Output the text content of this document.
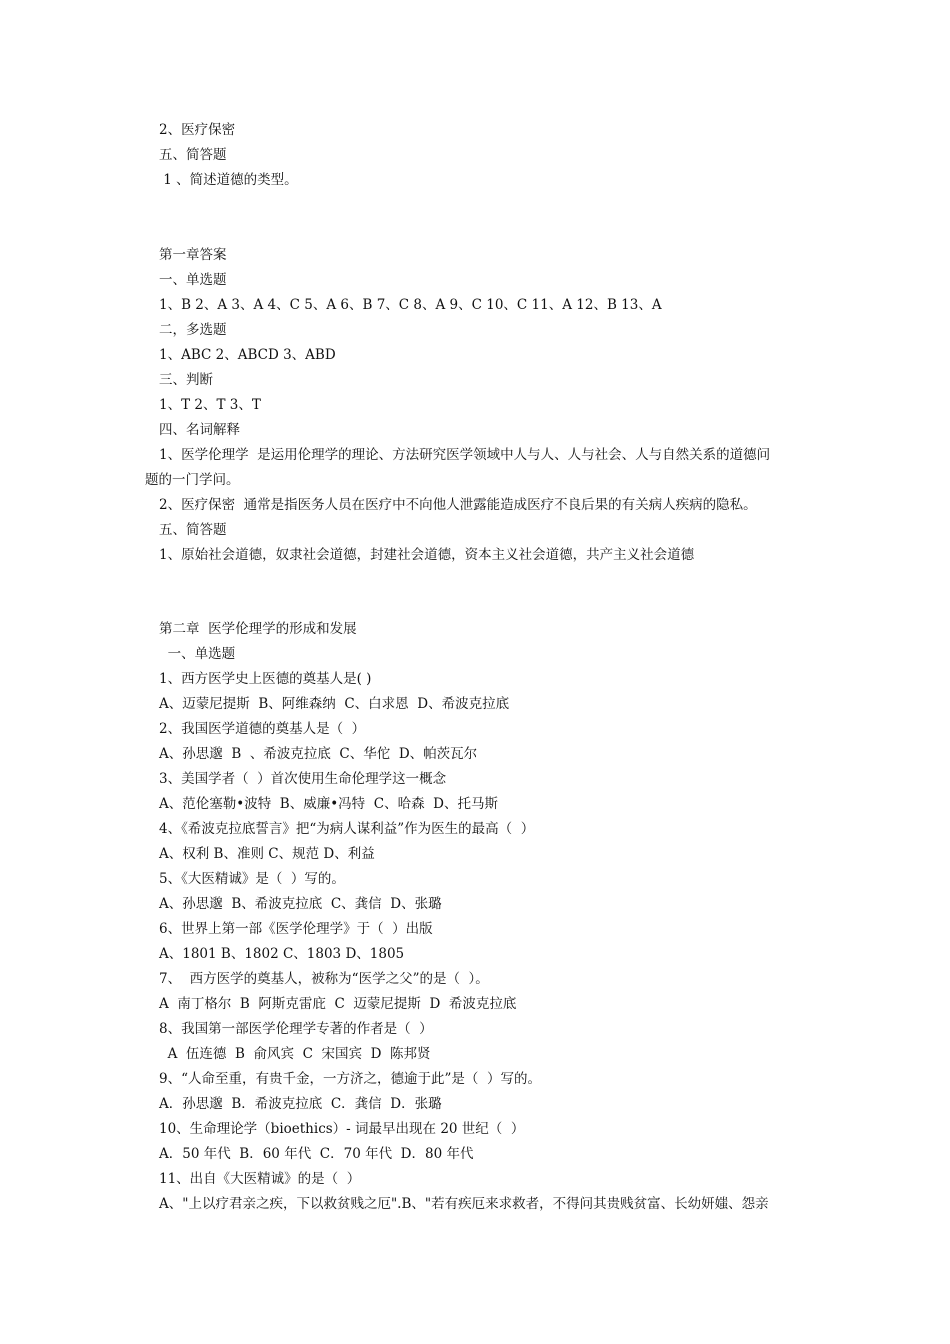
2、医疗保密
五、简答题
1 、简述道德的类型。
第一章答案
一、单选题
1、B 2、A 3、A 4、C 5、A 6、B 7、C 8、A 9、C 10、C 11、A 12、B 13、A
二，多选题
1、ABC 2、ABCD 3、ABD
三、判断
1、T 2、T 3、T
四、名词解释
1、医学伦理学  是运用伦理学的理论、方法研究医学领域中人与人、人与社会、人与自然关系的道德问
题的一门学问。
2、医疗保密  通常是指医务人员在医疗中不向他人泄露能造成医疗不良后果的有关病人疾病的隐私。
五、简答题
1、原始社会道德，奴隶社会道德，封建社会道德，资本主义社会道德，共产主义社会道德
第二章  医学伦理学的形成和发展
一、单选题
1、西方医学史上医德的奠基人是( )
A、迈蒙尼提斯  B、阿维森纳  C、白求恩  D、希波克拉底
2、我国医学道德的奠基人是（  ）
A、孙思邈  B  、希波克拉底  C、华佗  D、帕茨瓦尔
3、美国学者（  ）首次使用生命伦理学这一概念
A、范伦塞勒•波特  B、威廉•冯特  C、哈森  D、托马斯
4、《希波克拉底誓言》把“为病人谋利益”作为医生的最高（  ）
A、权利 B、准则 C、规范 D、利益
5、《大医精诚》是（  ）写的。
A、孙思邈  B、希波克拉底  C、龚信  D、张璐
6、世界上第一部《医学伦理学》于（  ）出版
A、1801 B、1802 C、1803 D、1805
7、  西方医学的奠基人，被称为“医学之父”的是（  ）。
A  南丁格尔  B  阿斯克雷庇  C  迈蒙尼提斯  D  希波克拉底
8、我国第一部医学伦理学专著的作者是（  ）
A  伍连德  B  俞风宾  C  宋国宾  D  陈邦贤
9、“人命至重，有贵千金，一方济之，德逾于此”是（  ）写的。
A．孙思邈  B．希波克拉底  C．龚信  D．张璐
10、生命理论学（bioethics）- 词最早出现在 20 世纪（  ）
A．50 年代  B．60 年代  C．70 年代  D．80 年代
11、出自《大医精诚》的是（  ）
A、"上以疗君亲之疾，下以救贫贱之厄".B、"若有疾厄来求救者，不得问其贵贱贫富、长幼妍媸、怨亲
